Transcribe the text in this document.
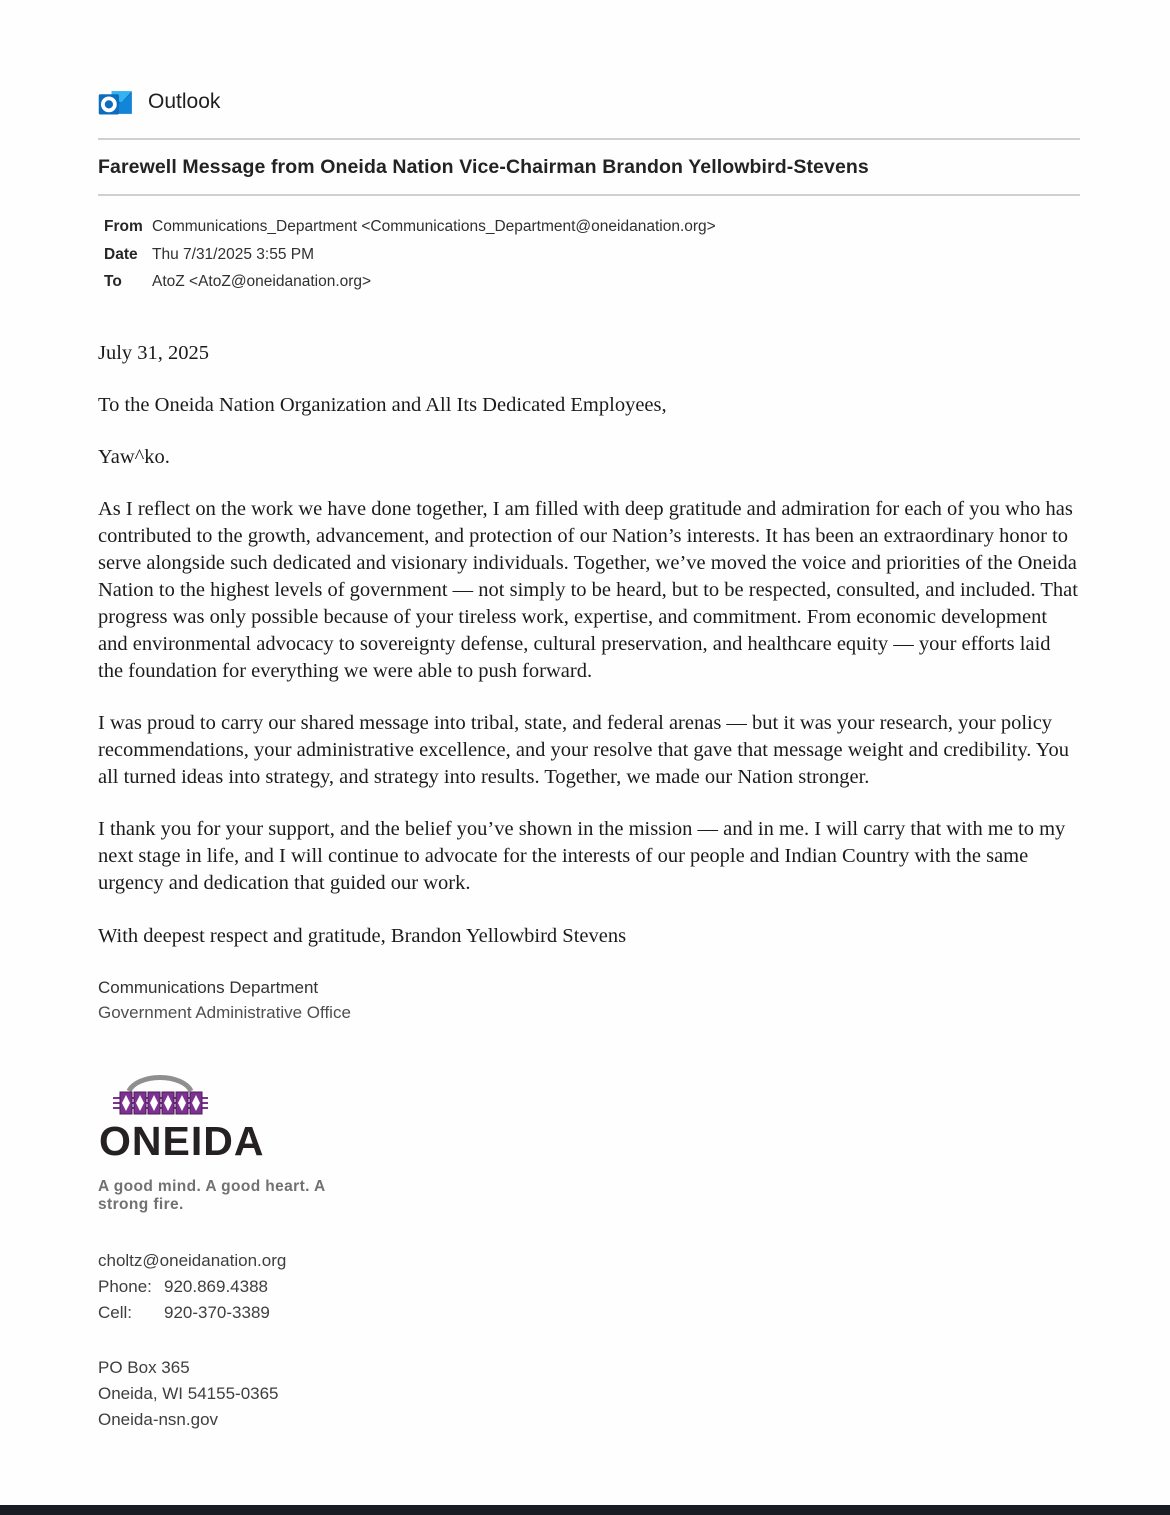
Outlook
Farewell Message from Oneida Nation Vice-Chairman Brandon Yellowbird-Stevens
From Communications_Department <Communications_Department@oneidanation.org>
Date Thu 7/31/2025 3:55 PM
To	AtoZ <AtoZ@oneidanation.org>

July 31, 2025

To the Oneida Nation Organization and All Its Dedicated Employees,

Yaw^ko.

As I reflect on the work we have done together, I am filled with deep gratitude and admiration for each of you who has contributed to the growth, advancement, and protection of our Nation’s interests. It has been an extraordinary honor to serve alongside such dedicated and visionary individuals. Together, we’ve moved the voice and priorities of the Oneida Nation to the highest levels of government — not simply to be heard, but to be respected, consulted, and included. That progress was only possible because of your tireless work, expertise, and commitment. From economic development and environmental advocacy to sovereignty defense, cultural preservation, and healthcare equity — your efforts laid the foundation for everything we were able to push forward.

I was proud to carry our shared message into tribal, state, and federal arenas — but it was your research, your policy recommendations, your administrative excellence, and your resolve that gave that message weight and credibility. You all turned ideas into strategy, and strategy into results. Together, we made our Nation stronger.

I thank you for your support, and the belief you’ve shown in the mission — and in me. I will carry that with me to my next stage in life, and I will continue to advocate for the interests of our people and Indian Country with the same urgency and dedication that guided our work.

With deepest respect and gratitude, Brandon Yellowbird Stevens

Communications Department
Government Administrative Office
ONEIDA
A good mind. A good heart. A strong fire.
choltz@oneidanation.org
Phone: 920.869.4388
Cell: 920-370-3389
PO Box 365
Oneida, WI 54155-0365
Oneida-nsn.gov
